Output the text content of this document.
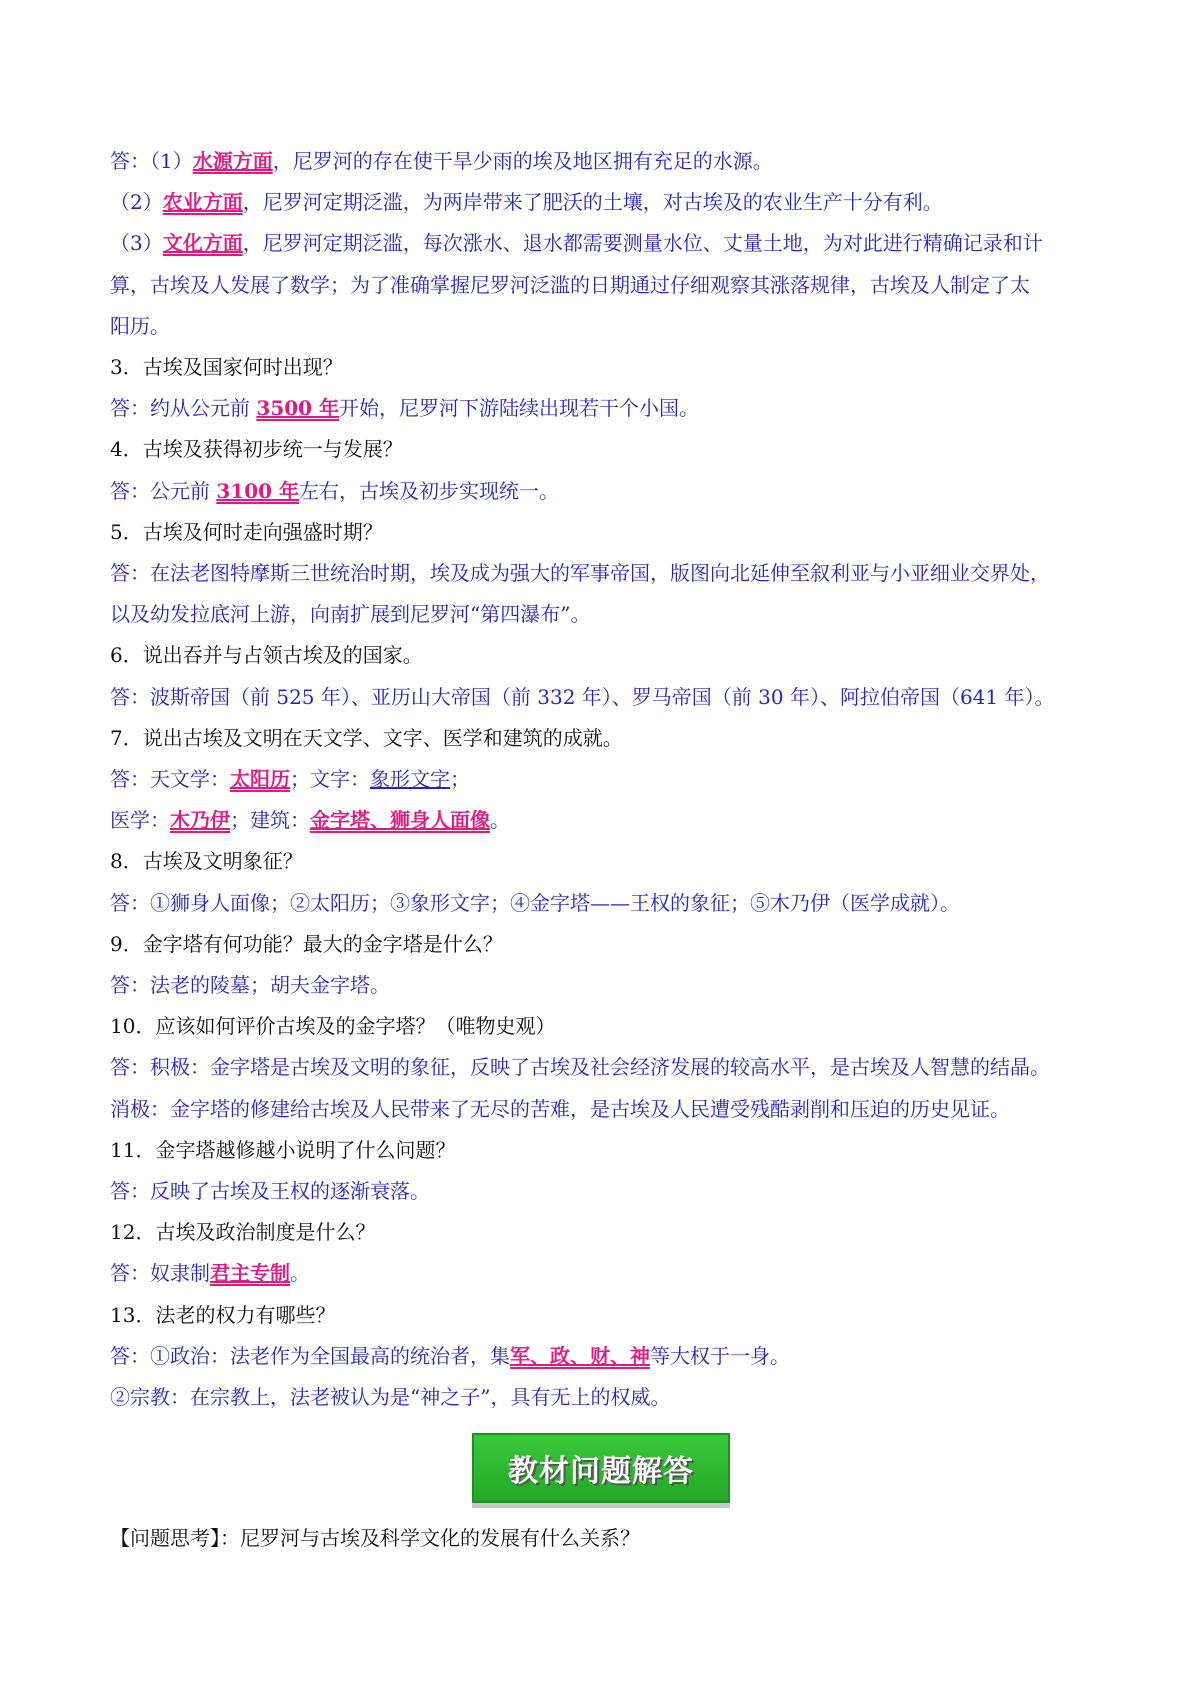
答：（1）水源方面，尼罗河的存在使干旱少雨的埃及地区拥有充足的水源。
（2）农业方面，尼罗河定期泛滥，为两岸带来了肥沃的土壤，对古埃及的农业生产十分有利。
（3）文化方面，尼罗河定期泛滥，每次涨水、退水都需要测量水位、丈量土地，为对此进行精确记录和计
算，古埃及人发展了数学；为了准确掌握尼罗河泛滥的日期通过仔细观察其涨落规律，古埃及人制定了太
阳历。
3．古埃及国家何时出现？
答：约从公元前 3500 年开始，尼罗河下游陆续出现若干个小国。
4．古埃及获得初步统一与发展？
答：公元前 3100 年左右，古埃及初步实现统一。
5．古埃及何时走向强盛时期？
答：在法老图特摩斯三世统治时期，埃及成为强大的军事帝国，版图向北延伸至叙利亚与小亚细业交界处，
以及幼发拉底河上游，向南扩展到尼罗河“第四瀑布”。
6．说出吞并与占领古埃及的国家。
答：波斯帝国（前 525 年）、亚历山大帝国（前 332 年）、罗马帝国（前 30 年）、阿拉伯帝国（641 年）。
7．说出古埃及文明在天文学、文字、医学和建筑的成就。
答：天文学：太阳历；文字：象形文字；
医学：木乃伊；建筑：金字塔、狮身人面像。
8．古埃及文明象征？
答：①狮身人面像；②太阳历；③象形文字；④金字塔——王权的象征；⑤木乃伊（医学成就）。
9．金字塔有何功能？最大的金字塔是什么？
答：法老的陵墓；胡夫金字塔。
10．应该如何评价古埃及的金字塔？（唯物史观）
答：积极：金字塔是古埃及文明的象征，反映了古埃及社会经济发展的较高水平，是古埃及人智慧的结晶。
消极：金字塔的修建给古埃及人民带来了无尽的苦难，是古埃及人民遭受残酷剥削和压迫的历史见证。
11．金字塔越修越小说明了什么问题？
答：反映了古埃及王权的逐渐衰落。
12．古埃及政治制度是什么？
答：奴隶制君主专制。
13．法老的权力有哪些？
答：①政治：法老作为全国最高的统治者，集军、政、财、神等大权于一身。
②宗教：在宗教上，法老被认为是“神之子”，具有无上的权威。
教材问题解答
【问题思考】：尼罗河与古埃及科学文化的发展有什么关系？
